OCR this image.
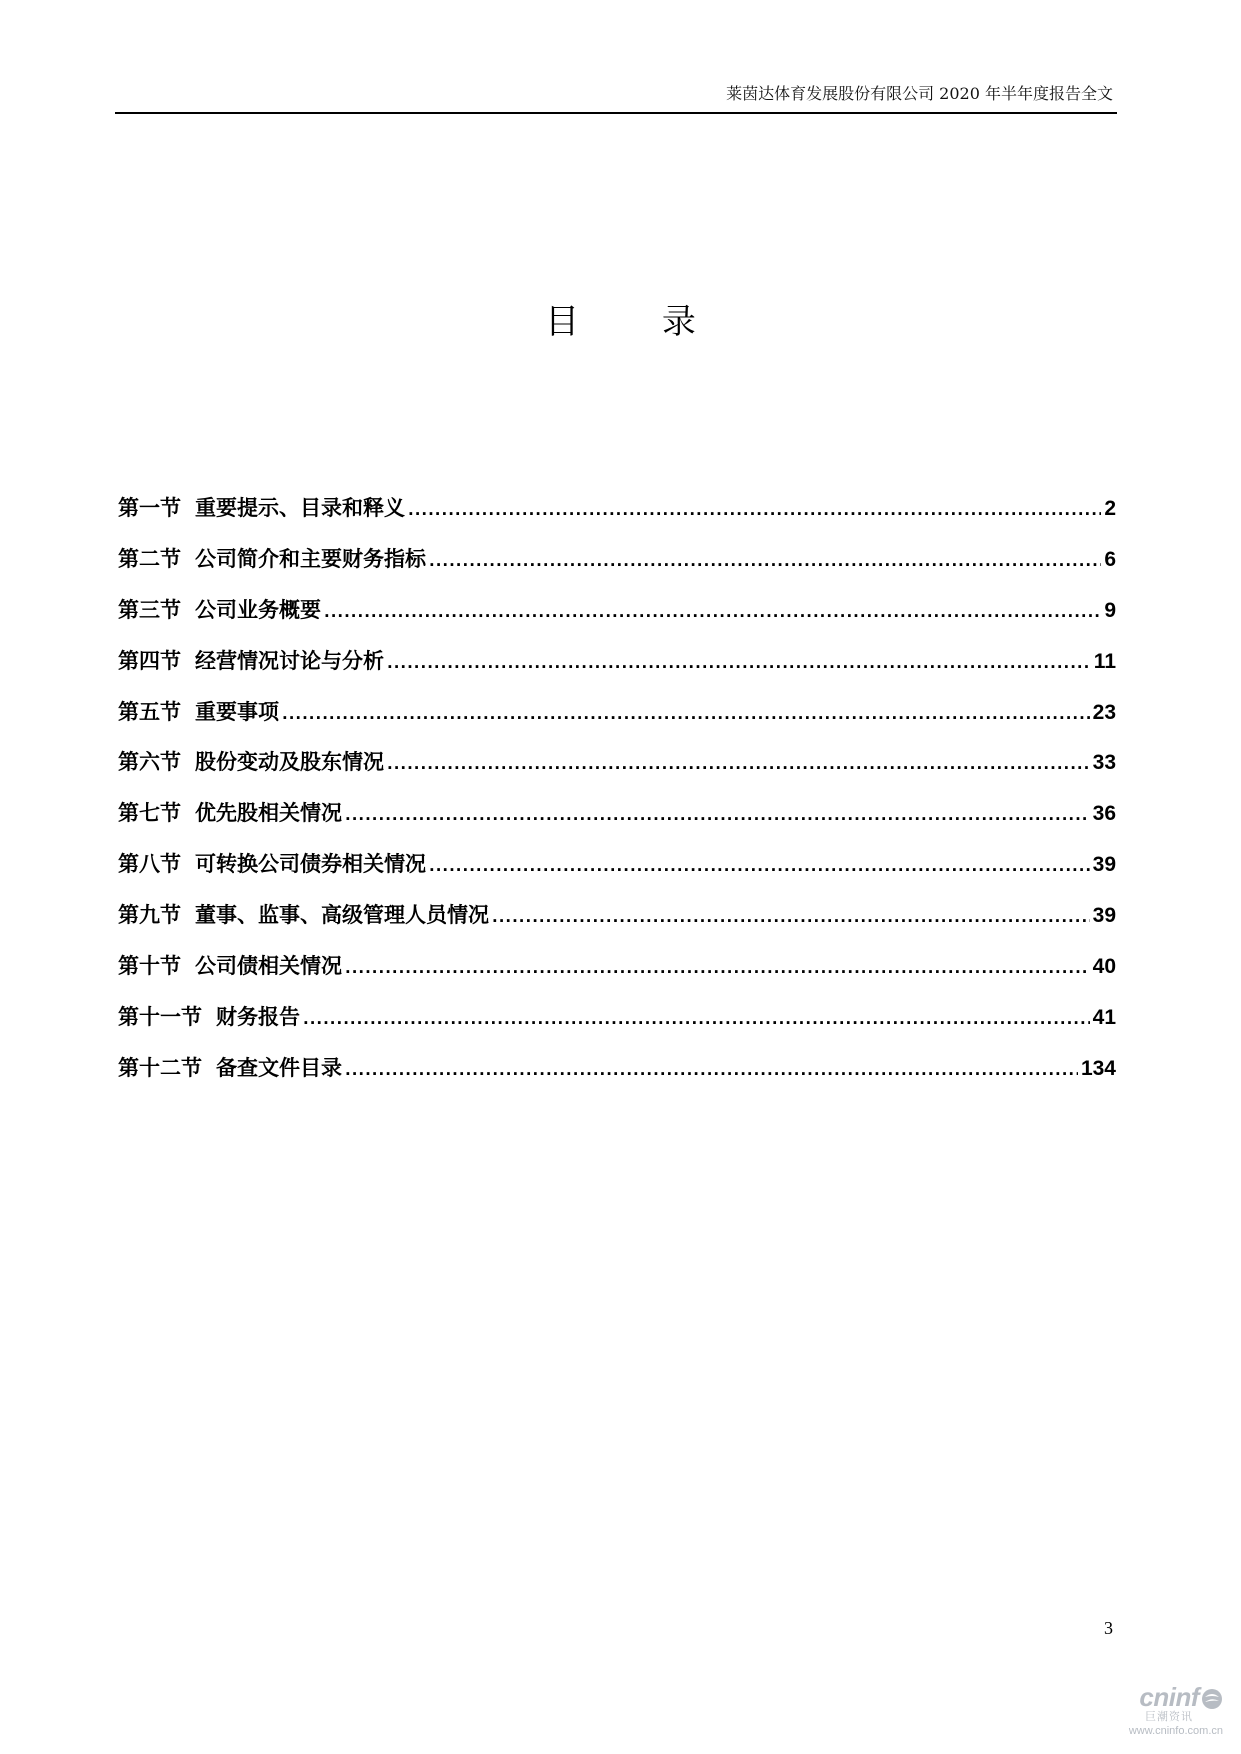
莱茵达体育发展股份有限公司 2020 年半年度报告全文
目 录
第一节 重要提示、目录和释义 .....	2
第二节 公司简介和主要财务指标 .....	6
第三节 公司业务概要 .....	9
第四节 经营情况讨论与分析 .....	11
第五节 重要事项 .....	23
第六节 股份变动及股东情况 .....	33
第七节 优先股相关情况 .....	36
第八节 可转换公司债券相关情况 .....	39
第九节 董事、监事、高级管理人员情况 .....	39
第十节 公司债相关情况 .....	40
第十一节 财务报告 .....	41
第十二节 备查文件目录 .....	134
3
cninf
巨潮资讯
www.cninfo.com.cn
